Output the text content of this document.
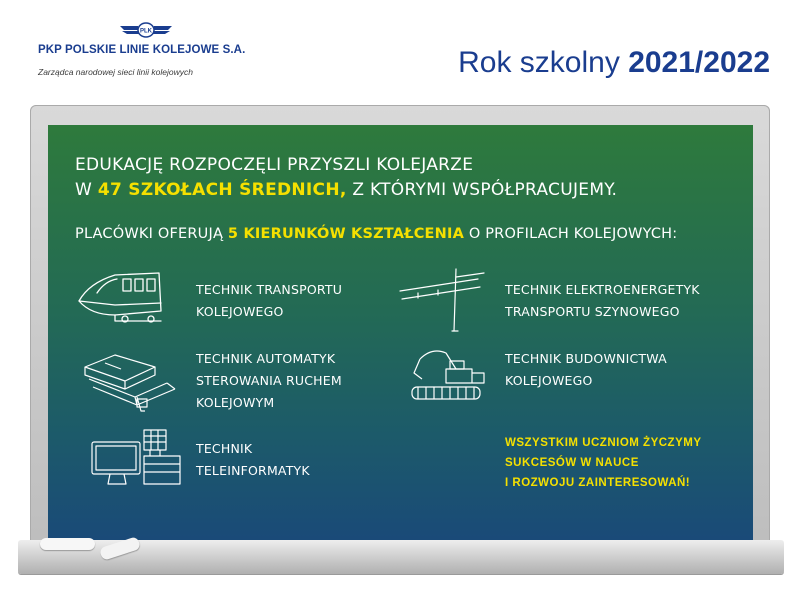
PLK
PKP POLSKIE LINIE KOLEJOWE S.A.
Zarządca narodowej sieci linii kolejowych	Rok szkolny 2021/2022
EDUKACJĘ ROZPOCZĘLI PRZYSZLI KOLEJARZE
W 47 SZKOŁACH ŚREDNICH, Z KTÓRYMI WSPÓŁPRACUJEMY.
PLACÓWKI OFERUJĄ 5 KIERUNKÓW KSZTAŁCENIA O PROFILACH KOLEJOWYCH:
TECHNIK TRANSPORTU
KOLEJOWEGO
TECHNIK ELEKTROENERGETYK
TRANSPORTU SZYNOWEGO
TECHNIK AUTOMATYK
STEROWANIA RUCHEM
KOLEJOWYM
TECHNIK BUDOWNICTWA
KOLEJOWEGO
TECHNIK
TELEINFORMATYK
WSZYSTKIM UCZNIOM ŻYCZYMY
SUKCESÓW W NAUCE
I ROZWOJU ZAINTERESOWAŃ!
